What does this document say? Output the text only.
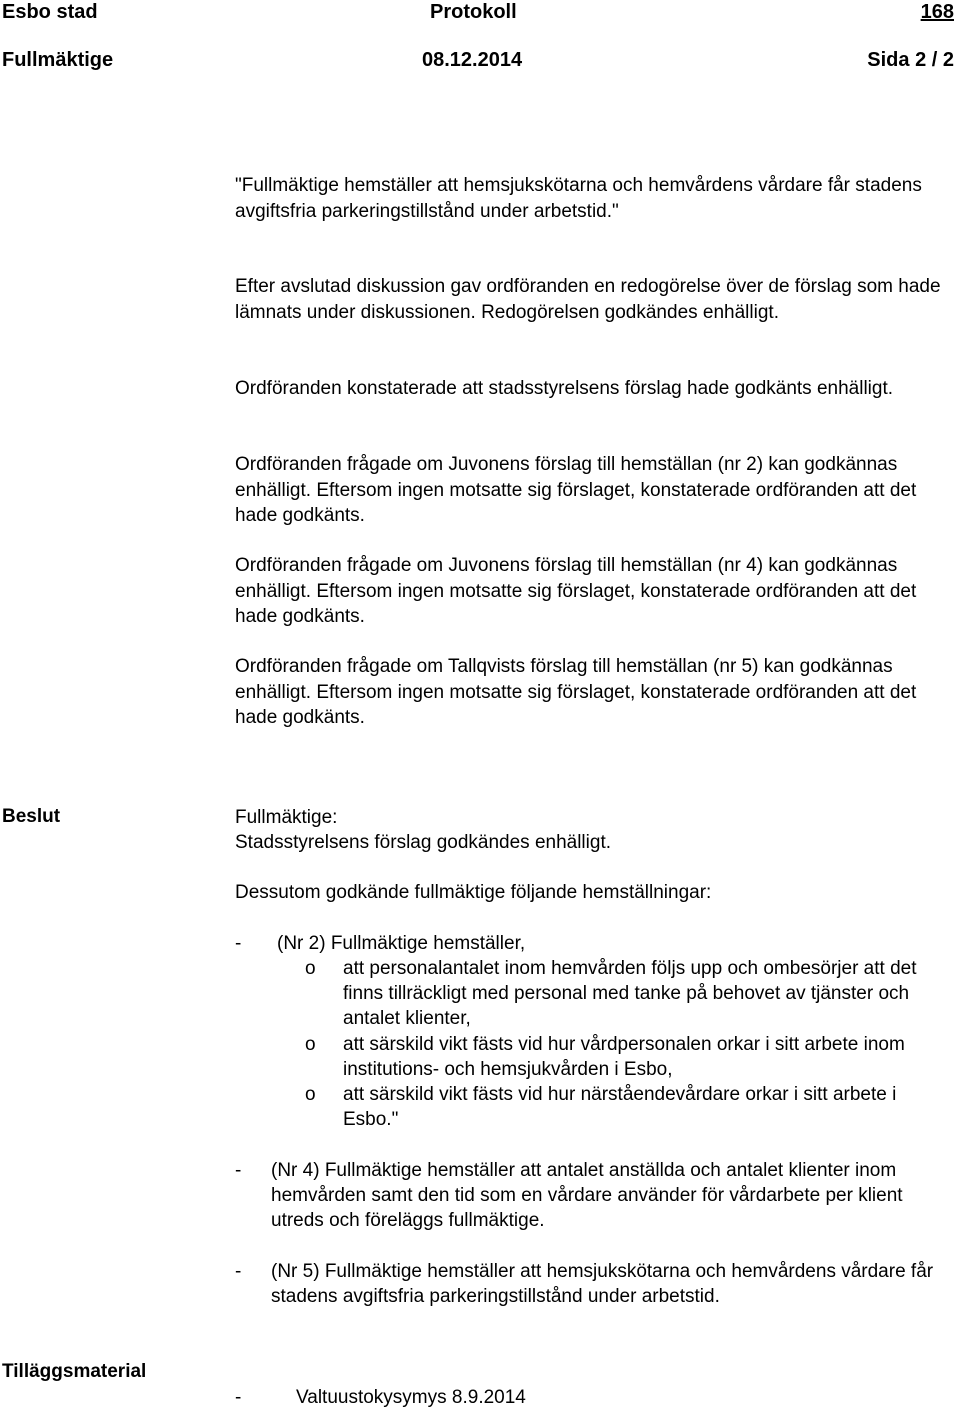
Esbo stad	Protokoll	168
Fullmäktige	08.12.2014	Sida 2 / 2
"Fullmäktige hemställer att hemsjukskötarna och hemvårdens vårdare får stadens avgiftsfria parkeringstillstånd under arbetstid."
Efter avslutad diskussion gav ordföranden en redogörelse över de förslag som hade lämnats under diskussionen. Redogörelsen godkändes enhälligt.
Ordföranden konstaterade att stadsstyrelsens förslag hade godkänts enhälligt.
Ordföranden frågade om Juvonens förslag till hemställan (nr 2) kan godkännas enhälligt. Eftersom ingen motsatte sig förslaget, konstaterade ordföranden att det hade godkänts.
Ordföranden frågade om Juvonens förslag till hemställan (nr 4) kan godkännas enhälligt. Eftersom ingen motsatte sig förslaget, konstaterade ordföranden att det hade godkänts.
Ordföranden frågade om Tallqvists förslag till hemställan (nr 5) kan godkännas enhälligt. Eftersom ingen motsatte sig förslaget, konstaterade ordföranden att det hade godkänts.
Beslut	Fullmäktige:
Stadsstyrelsens förslag godkändes enhälligt.
Dessutom godkände fullmäktige följande hemställningar:
- (Nr 2) Fullmäktige hemställer,
o att personalantalet inom hemvården följs upp och ombesörjer att det finns tillräckligt med personal med tanke på behovet av tjänster och antalet klienter,
o att särskild vikt fästs vid hur vårdpersonalen orkar i sitt arbete inom institutions- och hemsjukvården i Esbo,
o att särskild vikt fästs vid hur närståendevårdare orkar i sitt arbete i Esbo."
- (Nr 4) Fullmäktige hemställer att antalet anställda och antalet klienter inom hemvården samt den tid som en vårdare använder för vårdarbete per klient utreds och föreläggs fullmäktige.
- (Nr 5) Fullmäktige hemställer att hemsjukskötarna och hemvårdens vårdare får stadens avgiftsfria parkeringstillstånd under arbetstid.
Tilläggsmaterial
-	Valtuustokysymys 8.9.2014
